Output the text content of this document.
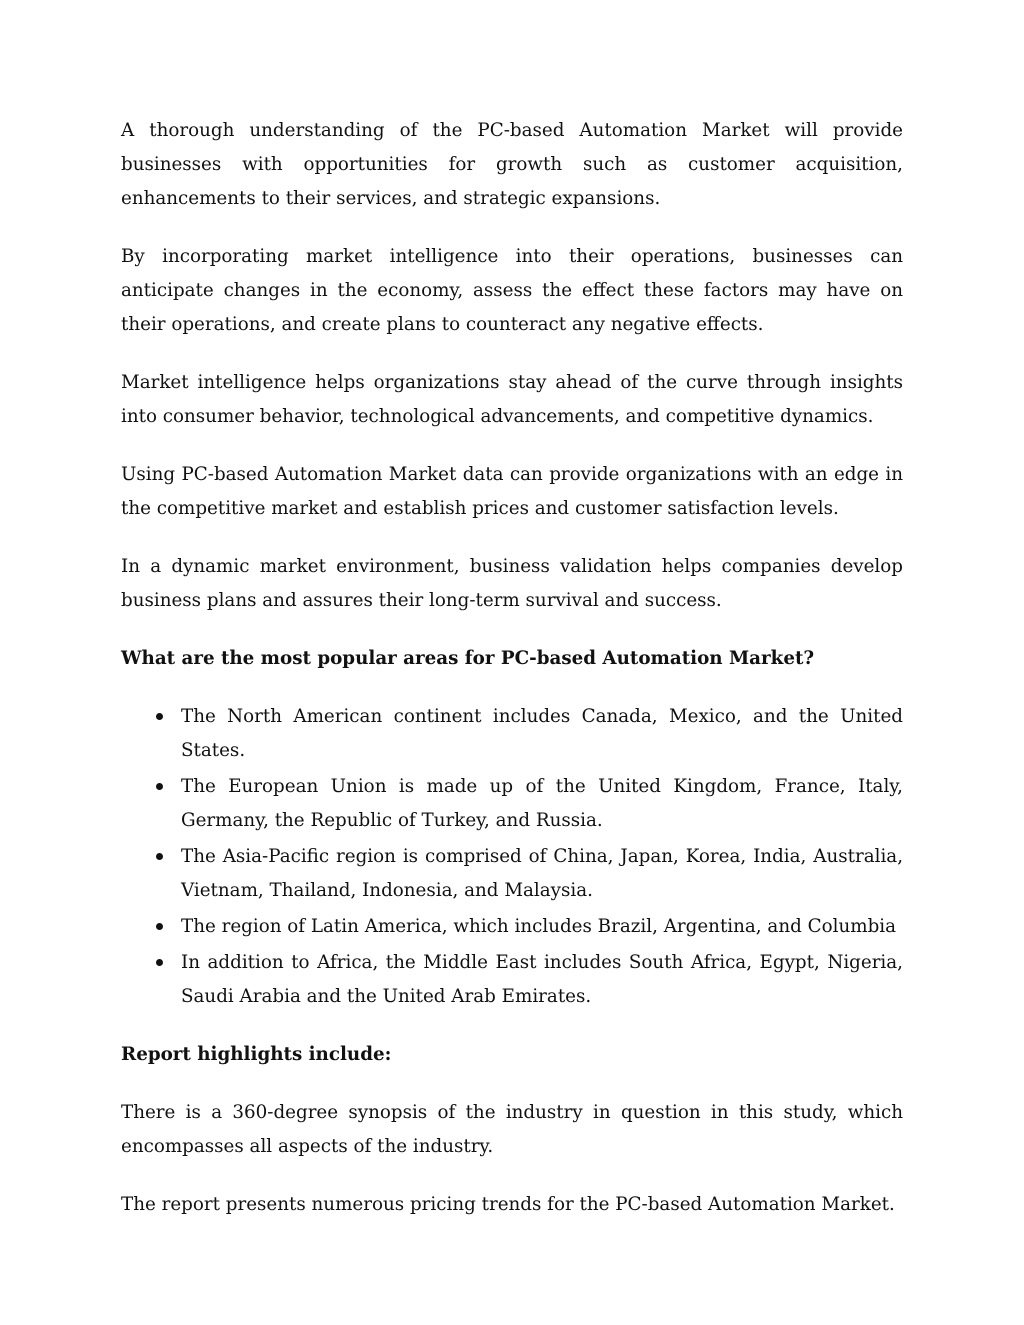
A thorough understanding of the PC-based Automation Market will provide businesses with opportunities for growth such as customer acquisition, enhancements to their services, and strategic expansions.

By incorporating market intelligence into their operations, businesses can anticipate changes in the economy, assess the effect these factors may have on their operations, and create plans to counteract any negative effects.

Market intelligence helps organizations stay ahead of the curve through insights into consumer behavior, technological advancements, and competitive dynamics.

Using PC-based Automation Market data can provide organizations with an edge in the competitive market and establish prices and customer satisfaction levels.

In a dynamic market environment, business validation helps companies develop business plans and assures their long-term survival and success.

What are the most popular areas for PC-based Automation Market?

The North American continent includes Canada, Mexico, and the United States.
The European Union is made up of the United Kingdom, France, Italy, Germany, the Republic of Turkey, and Russia.
The Asia-Pacific region is comprised of China, Japan, Korea, India, Australia, Vietnam, Thailand, Indonesia, and Malaysia.
The region of Latin America, which includes Brazil, Argentina, and Columbia
In addition to Africa, the Middle East includes South Africa, Egypt, Nigeria, Saudi Arabia and the United Arab Emirates.

Report highlights include:

There is a 360-degree synopsis of the industry in question in this study, which encompasses all aspects of the industry.

The report presents numerous pricing trends for the PC-based Automation Market.
